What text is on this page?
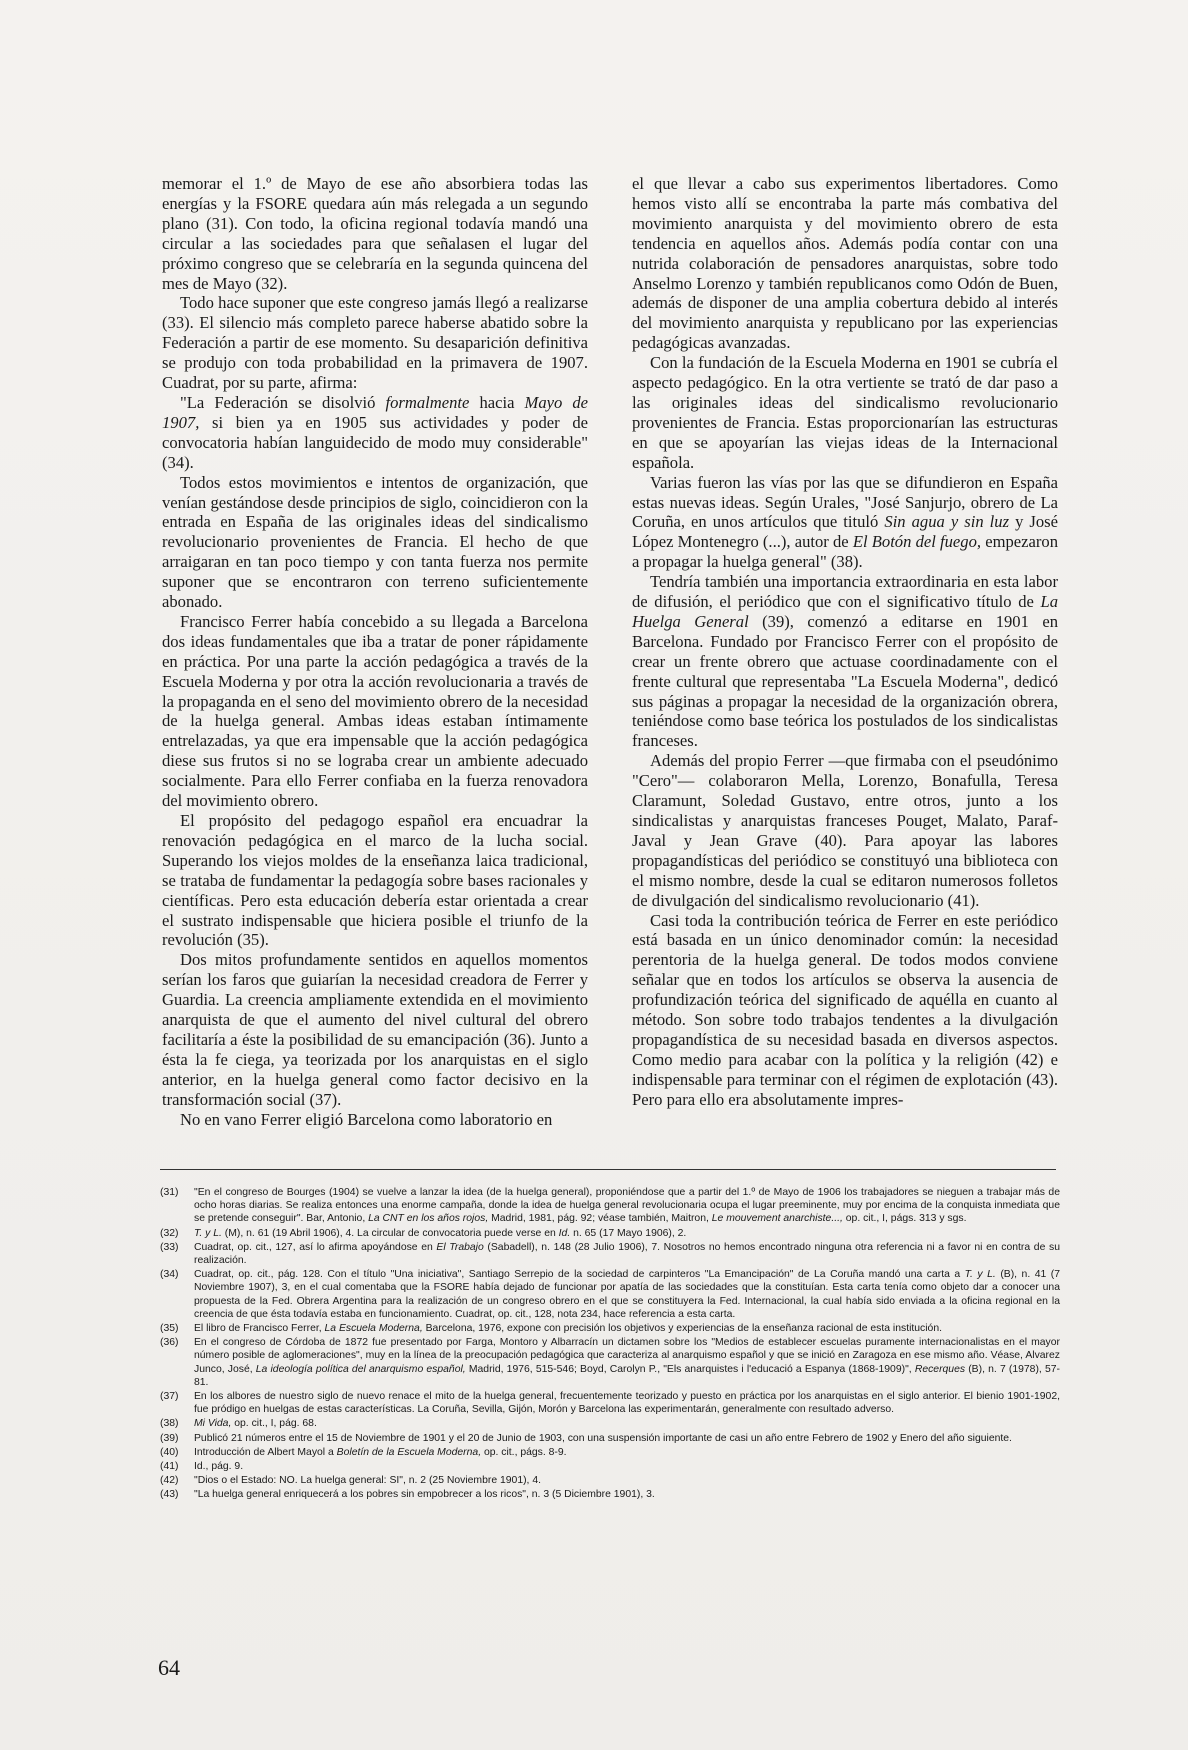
memorar el 1.º de Mayo de ese año absorbiera todas las energías y la FSORE quedara aún más relegada a un segundo plano (31). Con todo, la oficina regional todavía mandó una circular a las sociedades para que señalasen el lugar del próximo congreso que se celebraría en la segunda quincena del mes de Mayo (32).

Todo hace suponer que este congreso jamás llegó a realizarse (33). El silencio más completo parece haberse abatido sobre la Federación a partir de ese momento. Su desaparición definitiva se produjo con toda probabilidad en la primavera de 1907. Cuadrat, por su parte, afirma:

"La Federación se disolvió formalmente hacia Mayo de 1907, si bien ya en 1905 sus actividades y poder de convocatoria habían languidecido de modo muy considerable" (34).

Todos estos movimientos e intentos de organización, que venían gestándose desde principios de siglo, coincidieron con la entrada en España de las originales ideas del sindicalismo revolucionario provenientes de Francia. El hecho de que arraigaran en tan poco tiempo y con tanta fuerza nos permite suponer que se encontraron con terreno suficientemente abonado.

Francisco Ferrer había concebido a su llegada a Barcelona dos ideas fundamentales que iba a tratar de poner rápidamente en práctica. Por una parte la acción pedagógica a través de la Escuela Moderna y por otra la acción revolucionaria a través de la propaganda en el seno del movimiento obrero de la necesidad de la huelga general. Ambas ideas estaban íntimamente entrelazadas, ya que era impensable que la acción pedagógica diese sus frutos si no se lograba crear un ambiente adecuado socialmente. Para ello Ferrer confiaba en la fuerza renovadora del movimiento obrero.

El propósito del pedagogo español era encuadrar la renovación pedagógica en el marco de la lucha social. Superando los viejos moldes de la enseñanza laica tradicional, se trataba de fundamentar la pedagogía sobre bases racionales y científicas. Pero esta educación debería estar orientada a crear el sustrato indispensable que hiciera posible el triunfo de la revolución (35).

Dos mitos profundamente sentidos en aquellos momentos serían los faros que guiarían la necesidad creadora de Ferrer y Guardia. La creencia ampliamente extendida en el movimiento anarquista de que el aumento del nivel cultural del obrero facilitaría a éste la posibilidad de su emancipación (36). Junto a ésta la fe ciega, ya teorizada por los anarquistas en el siglo anterior, en la huelga general como factor decisivo en la transformación social (37).

No en vano Ferrer eligió Barcelona como laboratorio en

el que llevar a cabo sus experimentos libertadores. Como hemos visto allí se encontraba la parte más combativa del movimiento anarquista y del movimiento obrero de esta tendencia en aquellos años. Además podía contar con una nutrida colaboración de pensadores anarquistas, sobre todo Anselmo Lorenzo y también republicanos como Odón de Buen, además de disponer de una amplia cobertura debido al interés del movimiento anarquista y republicano por las experiencias pedagógicas avanzadas.

Con la fundación de la Escuela Moderna en 1901 se cubría el aspecto pedagógico. En la otra vertiente se trató de dar paso a las originales ideas del sindicalismo revolucionario provenientes de Francia. Estas proporcionarían las estructuras en que se apoyarían las viejas ideas de la Internacional española.

Varias fueron las vías por las que se difundieron en España estas nuevas ideas. Según Urales, "José Sanjurjo, obrero de La Coruña, en unos artículos que tituló Sin agua y sin luz y José López Montenegro (...), autor de El Botón del fuego, empezaron a propagar la huelga general" (38).

Tendría también una importancia extraordinaria en esta labor de difusión, el periódico que con el significativo título de La Huelga General (39), comenzó a editarse en 1901 en Barcelona. Fundado por Francisco Ferrer con el propósito de crear un frente obrero que actuase coordinadamente con el frente cultural que representaba "La Escuela Moderna", dedicó sus páginas a propagar la necesidad de la organización obrera, teniéndose como base teórica los postulados de los sindicalistas franceses.

Además del propio Ferrer —que firmaba con el pseudónimo "Cero"— colaboraron Mella, Lorenzo, Bonafulla, Teresa Claramunt, Soledad Gustavo, entre otros, junto a los sindicalistas y anarquistas franceses Pouget, Malato, Paraf-Javal y Jean Grave (40). Para apoyar las labores propagandísticas del periódico se constituyó una biblioteca con el mismo nombre, desde la cual se editaron numerosos folletos de divulgación del sindicalismo revolucionario (41).

Casi toda la contribución teórica de Ferrer en este periódico está basada en un único denominador común: la necesidad perentoria de la huelga general. De todos modos conviene señalar que en todos los artículos se observa la ausencia de profundización teórica del significado de aquélla en cuanto al método. Son sobre todo trabajos tendentes a la divulgación propagandística de su necesidad basada en diversos aspectos. Como medio para acabar con la política y la religión (42) e indispensable para terminar con el régimen de explotación (43). Pero para ello era absolutamente impres-

(31)	"En el congreso de Bourges (1904) se vuelve a lanzar la idea (de la huelga general), proponiéndose que a partir del 1.º de Mayo de 1906 los trabajadores se nieguen a trabajar más de ocho horas diarias. Se realiza entonces una enorme campaña, donde la idea de huelga general revolucionaria ocupa el lugar preeminente, muy por encima de la conquista inmediata que se pretende conseguir". Bar, Antonio, La CNT en los años rojos, Madrid, 1981, pág. 92; véase también, Maitron, Le mouvement anarchiste..., op. cit., I, págs. 313 y sgs.
(32)	T. y L. (M), n. 61 (19 Abril 1906), 4. La circular de convocatoria puede verse en Id. n. 65 (17 Mayo 1906), 2.
(33)	Cuadrat, op. cit., 127, así lo afirma apoyándose en El Trabajo (Sabadell), n. 148 (28 Julio 1906), 7. Nosotros no hemos encontrado ninguna otra referencia ni a favor ni en contra de su realización.
(34)	Cuadrat, op. cit., pág. 128. Con el título "Una iniciativa", Santiago Serrepio de la sociedad de carpinteros "La Emancipación" de La Coruña mandó una carta a T. y L. (B), n. 41 (7 Noviembre 1907), 3, en el cual comentaba que la FSORE había dejado de funcionar por apatía de las sociedades que la constituían. Esta carta tenía como objeto dar a conocer una propuesta de la Fed. Obrera Argentina para la realización de un congreso obrero en el que se constituyera la Fed. Internacional, la cual había sido enviada a la oficina regional en la creencia de que ésta todavía estaba en funcionamiento. Cuadrat, op. cit., 128, nota 234, hace referencia a esta carta.
(35)	El libro de Francisco Ferrer, La Escuela Moderna, Barcelona, 1976, expone con precisión los objetivos y experiencias de la enseñanza racional de esta institución.
(36)	En el congreso de Córdoba de 1872 fue presentado por Farga, Montoro y Albarracín un dictamen sobre los "Medios de establecer escuelas puramente internacionalistas en el mayor número posible de aglomeraciones", muy en la línea de la preocupación pedagógica que caracteriza al anarquismo español y que se inició en Zaragoza en ese mismo año. Véase, Alvarez Junco, José, La ideología política del anarquismo español, Madrid, 1976, 515-546; Boyd, Carolyn P., "Els anarquistes i l'educació a Espanya (1868-1909)", Recerques (B), n. 7 (1978), 57-81.
(37)	En los albores de nuestro siglo de nuevo renace el mito de la huelga general, frecuentemente teorizado y puesto en práctica por los anarquistas en el siglo anterior. El bienio 1901-1902, fue pródigo en huelgas de estas características. La Coruña, Sevilla, Gijón, Morón y Barcelona las experimentarán, generalmente con resultado adverso.
(38)	Mi Vida, op. cit., I, pág. 68.
(39)	Publicó 21 números entre el 15 de Noviembre de 1901 y el 20 de Junio de 1903, con una suspensión importante de casi un año entre Febrero de 1902 y Enero del año siguiente.
(40)	Introducción de Albert Mayol a Boletín de la Escuela Moderna, op. cit., págs. 8-9.
(41)	Id., pág. 9.
(42)	"Dios o el Estado: NO. La huelga general: SI", n. 2 (25 Noviembre 1901), 4.
(43)	"La huelga general enriquecerá a los pobres sin empobrecer a los ricos", n. 3 (5 Diciembre 1901), 3.
64
